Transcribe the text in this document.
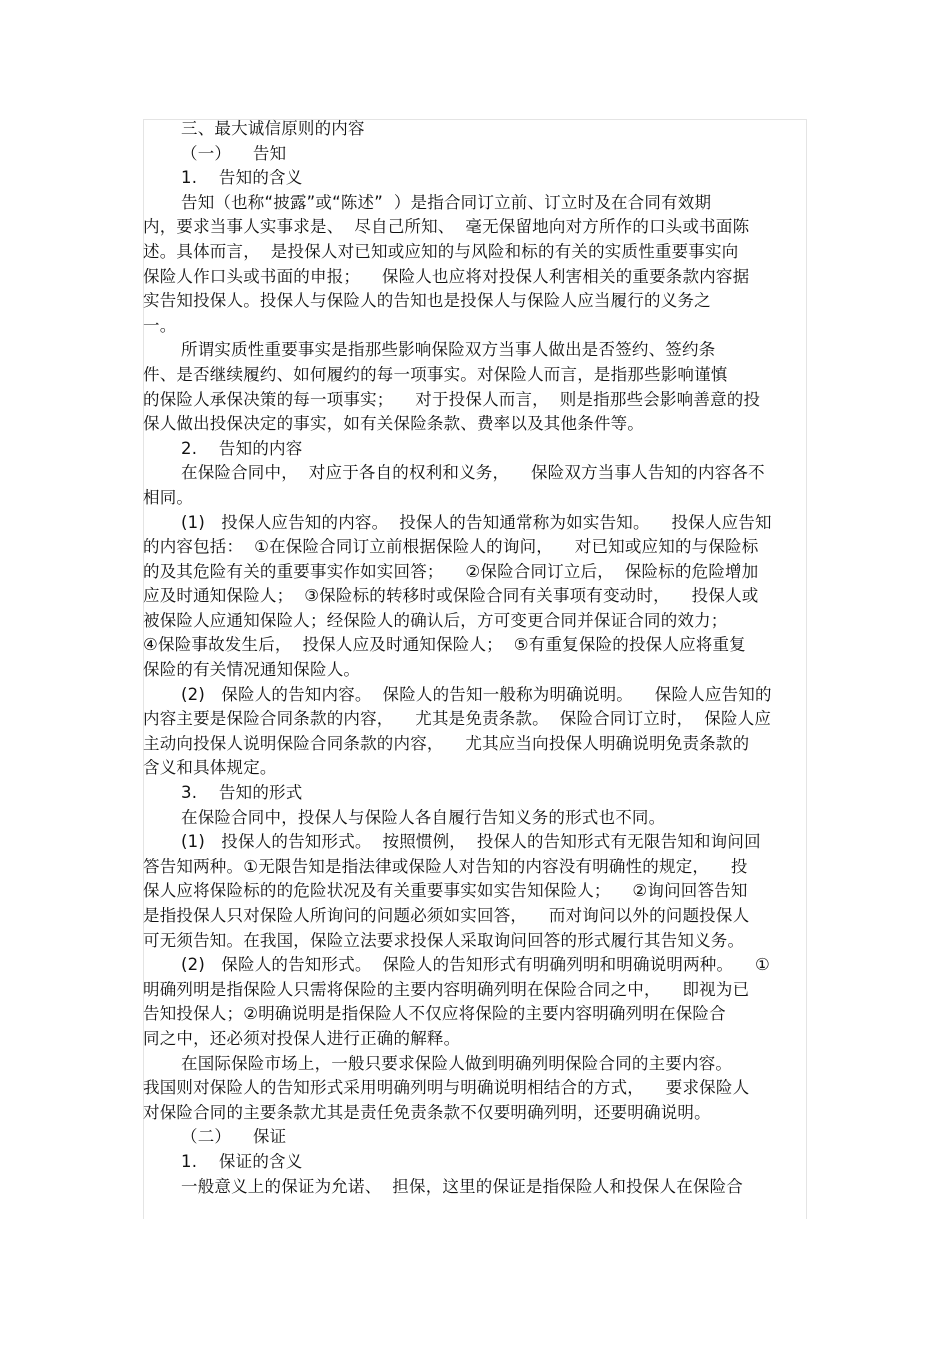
三、最大诚信原则的内容
（一）    告知
1.    告知的含义
告知（也称“披露”或“陈述”  ）是指合同订立前、订立时及在合同有效期
内，要求当事人实事求是、  尽自己所知、  毫无保留地向对方所作的口头或书面陈
述。具体而言，  是投保人对已知或应知的与风险和标的有关的实质性重要事实向
保险人作口头或书面的申报；    保险人也应将对投保人利害相关的重要条款内容据
实告知投保人。投保人与保险人的告知也是投保人与保险人应当履行的义务之
一。
所谓实质性重要事实是指那些影响保险双方当事人做出是否签约、签约条
件、是否继续履约、如何履约的每一项事实。对保险人而言，是指那些影响谨慎
的保险人承保决策的每一项事实；    对于投保人而言，  则是指那些会影响善意的投
保人做出投保决定的事实，如有关保险条款、费率以及其他条件等。
2.    告知的内容
在保险合同中，  对应于各自的权利和义务，    保险双方当事人告知的内容各不
相同。
(1)   投保人应告知的内容。  投保人的告知通常称为如实告知。    投保人应告知
的内容包括：  ①在保险合同订立前根据保险人的询问，    对已知或应知的与保险标
的及其危险有关的重要事实作如实回答；    ②保险合同订立后，  保险标的危险增加
应及时通知保险人；  ③保险标的转移时或保险合同有关事项有变动时，    投保人或
被保险人应通知保险人；经保险人的确认后，方可变更合同并保证合同的效力；
④保险事故发生后，  投保人应及时通知保险人；  ⑤有重复保险的投保人应将重复
保险的有关情况通知保险人。
(2)   保险人的告知内容。  保险人的告知一般称为明确说明。    保险人应告知的
内容主要是保险合同条款的内容，    尤其是免责条款。  保险合同订立时，  保险人应
主动向投保人说明保险合同条款的内容，    尤其应当向投保人明确说明免责条款的
含义和具体规定。
3.    告知的形式
在保险合同中，投保人与保险人各自履行告知义务的形式也不同。
(1)   投保人的告知形式。  按照惯例，  投保人的告知形式有无限告知和询问回
答告知两种。①无限告知是指法律或保险人对告知的内容没有明确性的规定，    投
保人应将保险标的的危险状况及有关重要事实如实告知保险人；    ②询问回答告知
是指投保人只对保险人所询问的问题必须如实回答，    而对询问以外的问题投保人
可无须告知。在我国，保险立法要求投保人采取询问回答的形式履行其告知义务。
(2)   保险人的告知形式。  保险人的告知形式有明确列明和明确说明两种。    ①
明确列明是指保险人只需将保险的主要内容明确列明在保险合同之中，    即视为已
告知投保人；②明确说明是指保险人不仅应将保险的主要内容明确列明在保险合
同之中，还必须对投保人进行正确的解释。
在国际保险市场上，一般只要求保险人做到明确列明保险合同的主要内容。
我国则对保险人的告知形式采用明确列明与明确说明相结合的方式，    要求保险人
对保险合同的主要条款尤其是责任免责条款不仅要明确列明，还要明确说明。
（二）    保证
1.    保证的含义
一般意义上的保证为允诺、  担保，这里的保证是指保险人和投保人在保险合
